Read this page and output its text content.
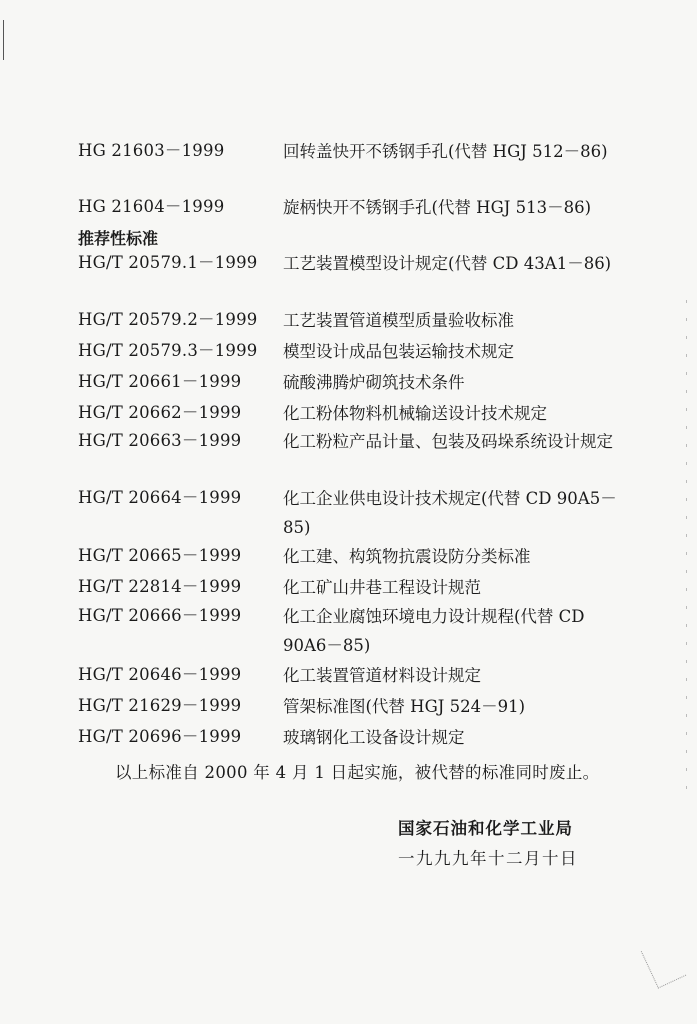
HG 21603－1999	回转盖快开不锈钢手孔(代替 HGJ 512－86)
HG 21604－1999	旋柄快开不锈钢手孔(代替 HGJ 513－86)
推荐性标准
HG/T 20579.1－1999 工艺装置模型设计规定(代替 CD 43A1－86)
HG/T 20579.2－1999 工艺装置管道模型质量验收标准
HG/T 20579.3－1999 模型设计成品包装运输技术规定
HG/T 20661－1999	硫酸沸腾炉砌筑技术条件
HG/T 20662－1999	化工粉体物料机械输送设计技术规定
HG/T 20663－1999	化工粉粒产品计量、包装及码垛系统设计规定
HG/T 20664－1999	化工企业供电设计技术规定(代替 CD 90A5－85)
HG/T 20665－1999	化工建、构筑物抗震设防分类标准
HG/T 22814－1999	化工矿山井巷工程设计规范
HG/T 20666－1999	化工企业腐蚀环境电力设计规程(代替 CD 90A6－85)
HG/T 20646－1999	化工装置管道材料设计规定
HG/T 21629－1999	管架标准图(代替 HGJ 524－91)
HG/T 20696－1999	玻璃钢化工设备设计规定
以上标准自 2000 年 4 月 1 日起实施，被代替的标准同时废止。
国家石油和化学工业局
一九九九年十二月十日
